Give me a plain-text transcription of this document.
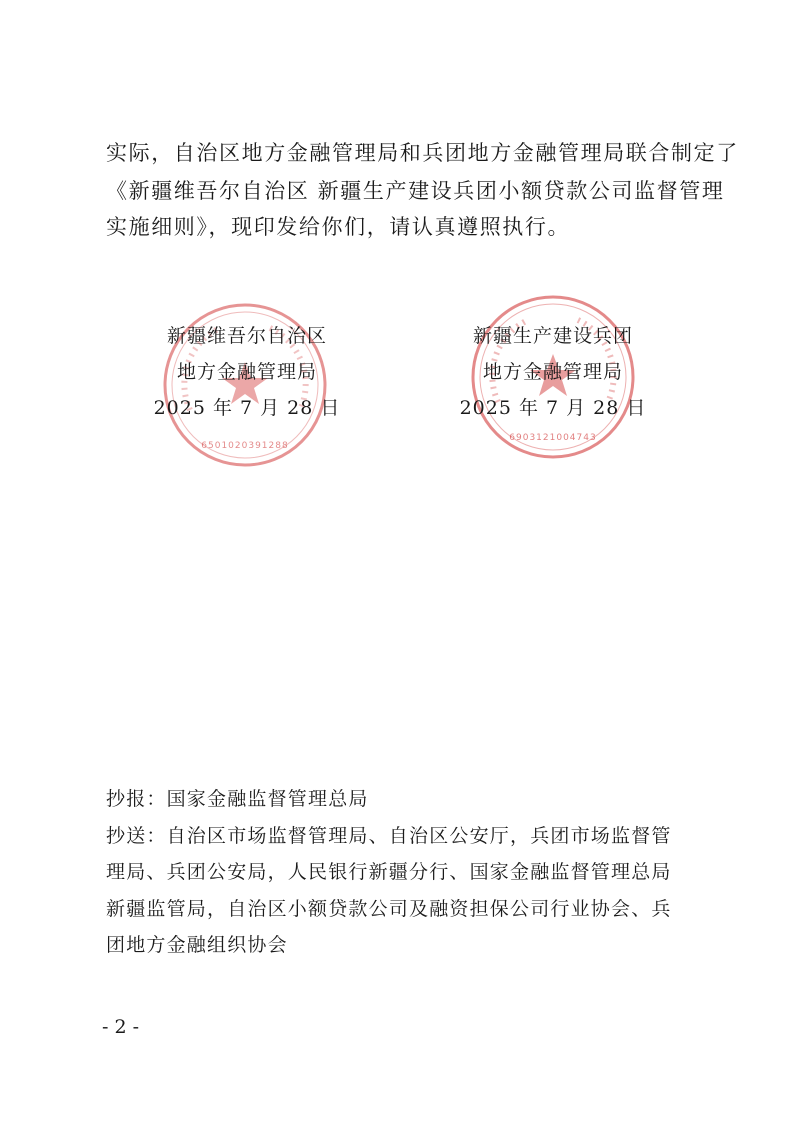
实际，自治区地方金融管理局和兵团地方金融管理局联合制定了
《新疆维吾尔自治区 新疆生产建设兵团小额贷款公司监督管理
实施细则》，现印发给你们，请认真遵照执行。
6501020391288
6903121004743
新疆维吾尔自治区
地方金融管理局
2025 年 7 月 28 日
新疆生产建设兵团
地方金融管理局
2025 年 7 月 28 日
抄报：国家金融监督管理总局
抄送：自治区市场监督管理局、自治区公安厅，兵团市场监督管
理局、兵团公安局，人民银行新疆分行、国家金融监督管理总局
新疆监管局，自治区小额贷款公司及融资担保公司行业协会、兵
团地方金融组织协会
- 2 -
